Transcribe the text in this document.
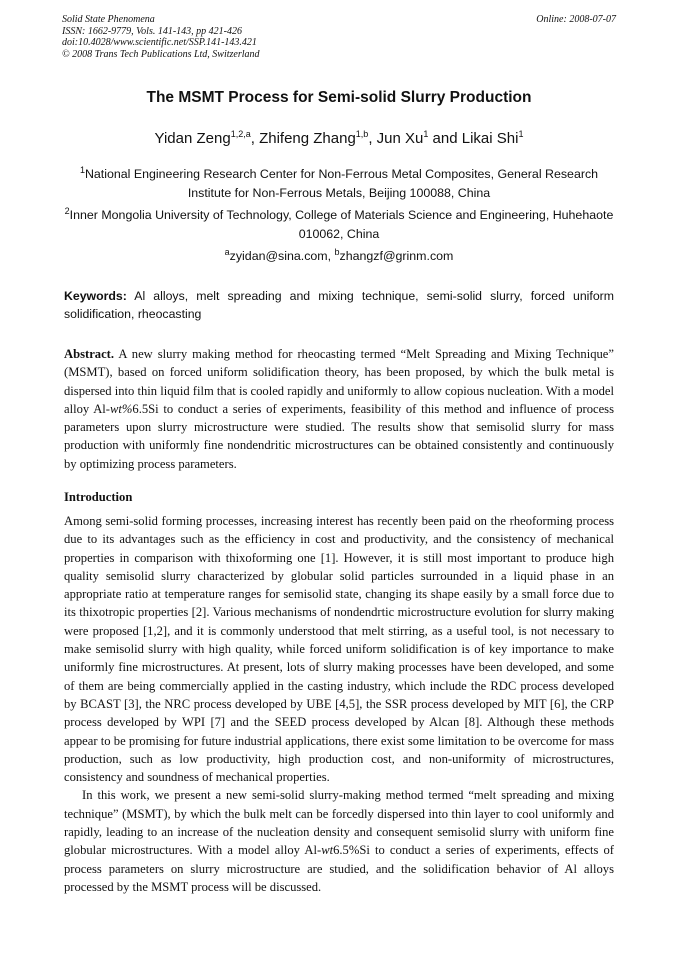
Solid State Phenomena
ISSN: 1662-9779, Vols. 141-143, pp 421-426
doi:10.4028/www.scientific.net/SSP.141-143.421
© 2008 Trans Tech Publications Ltd, Switzerland
Online: 2008-07-07
The MSMT Process for Semi-solid Slurry Production
Yidan Zeng$^{1,2,a}$, Zhifeng Zhang$^{1,b}$, Jun Xu$^1$ and Likai Shi$^1$
$^1$National Engineering Research Center for Non-Ferrous Metal Composites, General Research Institute for Non-Ferrous Metals, Beijing 100088, China
$^2$Inner Mongolia University of Technology, College of Materials Science and Engineering, Huhehaote 010062, China
$^a$zyidan@sina.com, $^b$zhangzf@grinm.com
Keywords: Al alloys, melt spreading and mixing technique, semi-solid slurry, forced uniform solidification, rheocasting
Abstract. A new slurry making method for rheocasting termed “Melt Spreading and Mixing Technique” (MSMT), based on forced uniform solidification theory, has been proposed, by which the bulk metal is dispersed into thin liquid film that is cooled rapidly and uniformly to allow copious nucleation. With a model alloy Al-wt%6.5Si to conduct a series of experiments, feasibility of this method and influence of process parameters upon slurry microstructure were studied. The results show that semisolid slurry for mass production with uniformly fine nondendritic microstructures can be obtained consistently and continuously by optimizing process parameters.
Introduction

Among semi-solid forming processes, increasing interest has recently been paid on the rheoforming process due to its advantages such as the efficiency in cost and productivity, and the consistency of mechanical properties in comparison with thixoforming one [1]. However, it is still most important to produce high quality semisolid slurry characterized by globular solid particles surrounded in a liquid phase in an appropriate ratio at temperature ranges for semisolid state, changing its shape easily by a small force due to its thixotropic properties [2]. Various mechanisms of nondendrtic microstructure evolution for slurry making were proposed [1,2], and it is commonly understood that melt stirring, as a useful tool, is not necessary to make semisolid slurry with high quality, while forced uniform solidification is of key importance to make uniformly fine microstructures. At present, lots of slurry making processes have been developed, and some of them are being commercially applied in the casting industry, which include the RDC process developed by BCAST [3], the NRC process developed by UBE [4,5], the SSR process developed by MIT [6], the CRP process developed by WPI [7] and the SEED process developed by Alcan [8]. Although these methods appear to be promising for future industrial applications, there exist some limitation to be overcome for mass production, such as low productivity, high production cost, and non-uniformity of microstructures, consistency and soundness of mechanical properties.

In this work, we present a new semi-solid slurry-making method termed “melt spreading and mixing technique” (MSMT), by which the bulk melt can be forcedly dispersed into thin layer to cool uniformly and rapidly, leading to an increase of the nucleation density and consequent semisolid slurry with uniform fine globular microstructures. With a model alloy Al-wt6.5%Si to conduct a series of experiments, effects of process parameters on slurry microstructure are studied, and the solidification behavior of Al alloys processed by the MSMT process will be discussed.
